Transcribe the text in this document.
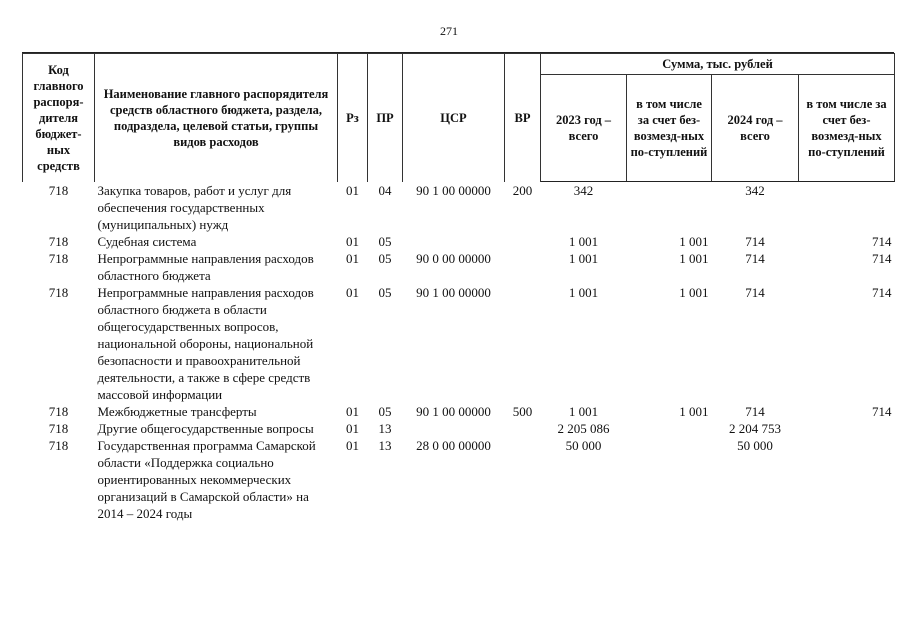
271
Код главного распоря-дителя бюджет-ных средств	Наименование главного распорядителя средств областного бюджета, раздела, подраздела, целевой статьи, группы видов расходов	Рз	ПР	ЦСР	ВР	Сумма, тыс. рублей			
						2023 год – всего	в том числе за счет без-возмезд-ных по-ступлений	2024 год – всего	в том числе за счет без-возмезд-ных по-ступлений
718	Закупка товаров, работ и услуг для обеспечения государственных (муниципальных) нужд	01	04	90 1 00 00000	200	342		342	
718	Судебная система	01	05			1 001	1 001	714	714
718	Непрограммные направления расходов областного бюджета	01	05	90 0 00 00000		1 001	1 001	714	714
718	Непрограммные направления расходов областного бюджета в области общегосударственных вопросов, национальной обороны, национальной безопасности и правоохранительной деятельности, а также в сфере средств массовой информации	01	05	90 1 00 00000		1 001	1 001	714	714
718	Межбюджетные трансферты	01	05	90 1 00 00000	500	1 001	1 001	714	714
718	Другие общегосударственные вопросы	01	13			2 205 086		2 204 753	
718	Государственная программа Самарской области «Поддержка социально ориентированных некоммерческих организаций в Самарской области» на 2014 – 2024 годы	01	13	28 0 00 00000		50 000		50 000	
